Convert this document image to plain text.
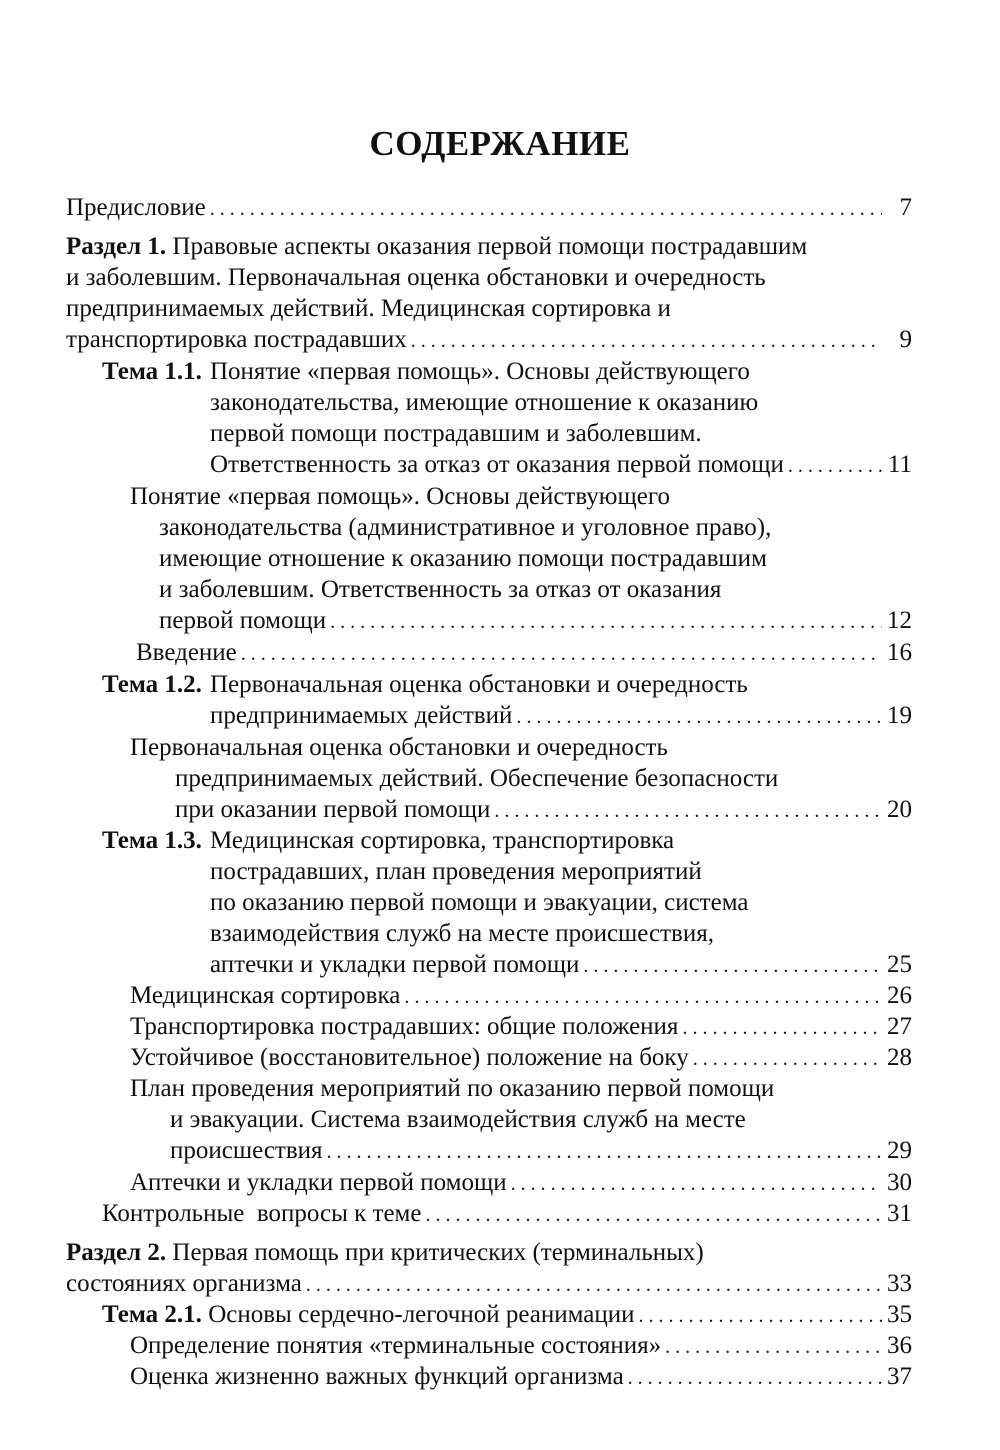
СОДЕРЖАНИЕ
Предисловие . . .	7
Раздел 1.
Правовые аспекты оказания первой помощи пострадавшим
и заболевшим. Первоначальная оценка обстановки и очередность
предпринимаемых действий. Медицинская сортировка и
транспортировка пострадавших . . .	9
Тема 1.1. Понятие «первая помощь». Основы действующего
законодательства, имеющие отношение к оказанию
первой помощи пострадавшим и заболевшим.
Ответственность за отказ от оказания первой помощи . . .	11
Понятие «первая помощь». Основы действующего
законодательства (административное и уголовное право),
имеющие отношение к оказанию помощи пострадавшим
и заболевшим. Ответственность за отказ от оказания
первой помощи . . .	12
Введение . . .	16
Тема 1.2. Первоначальная оценка обстановки и очередность
предпринимаемых действий . . .	19
Первоначальная оценка обстановки и очередность
предпринимаемых действий. Обеспечение безопасности
при оказании первой помощи . . .	20
Тема 1.3. Медицинская сортировка, транспортировка
пострадавших, план проведения мероприятий
по оказанию первой помощи и эвакуации, система
взаимодействия служб на месте происшествия,
аптечки и укладки первой помощи . . .	25
Медицинская сортировка . . .	26
Транспортировка пострадавших: общие положения . . .	27
Устойчивое (восстановительное) положение на боку . . .	28
План проведения мероприятий по оказанию первой помощи
и эвакуации. Система взаимодействия служб на месте
происшествия . . .	29
Аптечки и укладки первой помощи . . .	30
Контрольные  вопросы к теме . . .	31
Раздел 2.
Первая помощь при критических (терминальных)
состояниях организма . . .	33
Тема 2.1.
Основы сердечно-легочной реанимации . . .	35
Определение понятия «терминальные состояния» . . .	36
Оценка жизненно важных функций организма . . .	37
